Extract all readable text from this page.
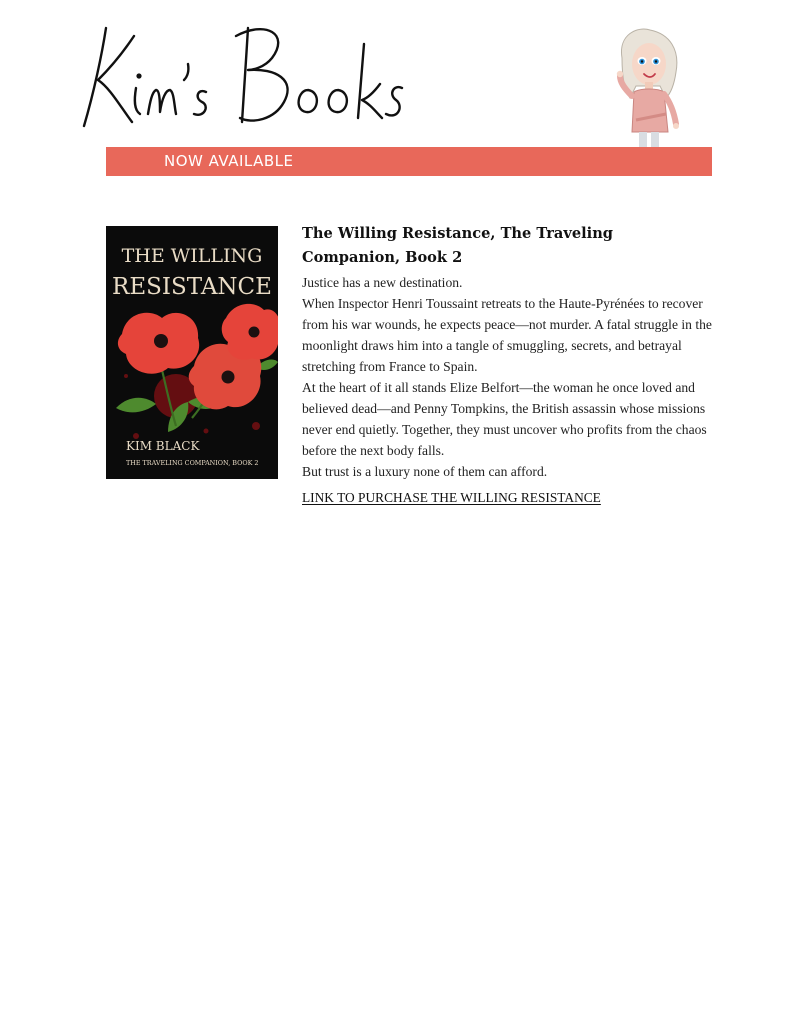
NOW AVAILABLE
THE WILLING
RESISTANCE
KIM BLACK
THE TRAVELING COMPANION, BOOK 2
The Willing Resistance, The Traveling Companion, Book 2

Justice has a new destination.

When Inspector Henri Toussaint retreats to the Haute-Pyrénées to recover from his war wounds, he expects peace—not murder. A fatal struggle in the moonlight draws him into a tangle of smuggling, secrets, and betrayal stretching from France to Spain.

At the heart of it all stands Elize Belfort—the woman he once loved and believed dead—and Penny Tompkins, the British assassin whose missions never end quietly. Together, they must uncover who profits from the chaos before the next body falls.

But trust is a luxury none of them can afford.

LINK TO PURCHASE THE WILLING RESISTANCE
